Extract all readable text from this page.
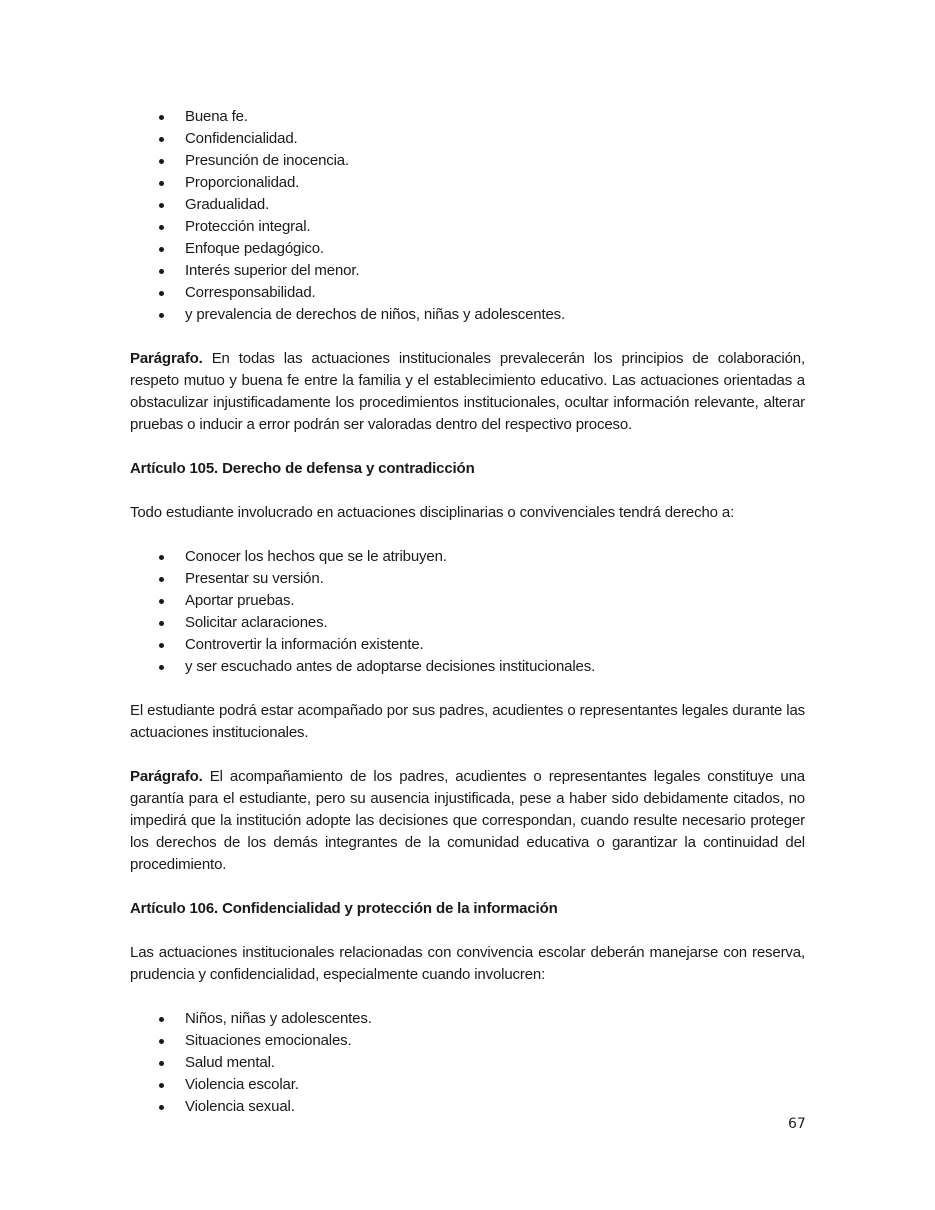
Buena fe.
Confidencialidad.
Presunción de inocencia.
Proporcionalidad.
Gradualidad.
Protección integral.
Enfoque pedagógico.
Interés superior del menor.
Corresponsabilidad.
y prevalencia de derechos de niños, niñas y adolescentes.

Parágrafo. En todas las actuaciones institucionales prevalecerán los principios de colaboración, respeto mutuo y buena fe entre la familia y el establecimiento educativo. Las actuaciones orientadas a obstaculizar injustificadamente los procedimientos institucionales, ocultar información relevante, alterar pruebas o inducir a error podrán ser valoradas dentro del respectivo proceso.

Artículo 105. Derecho de defensa y contradicción

Todo estudiante involucrado en actuaciones disciplinarias o convivenciales tendrá derecho a:

Conocer los hechos que se le atribuyen.
Presentar su versión.
Aportar pruebas.
Solicitar aclaraciones.
Controvertir la información existente.
y ser escuchado antes de adoptarse decisiones institucionales.

El estudiante podrá estar acompañado por sus padres, acudientes o representantes legales durante las actuaciones institucionales.

Parágrafo. El acompañamiento de los padres, acudientes o representantes legales constituye una garantía para el estudiante, pero su ausencia injustificada, pese a haber sido debidamente citados, no impedirá que la institución adopte las decisiones que correspondan, cuando resulte necesario proteger los derechos de los demás integrantes de la comunidad educativa o garantizar la continuidad del procedimiento.

Artículo 106. Confidencialidad y protección de la información

Las actuaciones institucionales relacionadas con convivencia escolar deberán manejarse con reserva, prudencia y confidencialidad, especialmente cuando involucren:

Niños, niñas y adolescentes.
Situaciones emocionales.
Salud mental.
Violencia escolar.
Violencia sexual.
67
